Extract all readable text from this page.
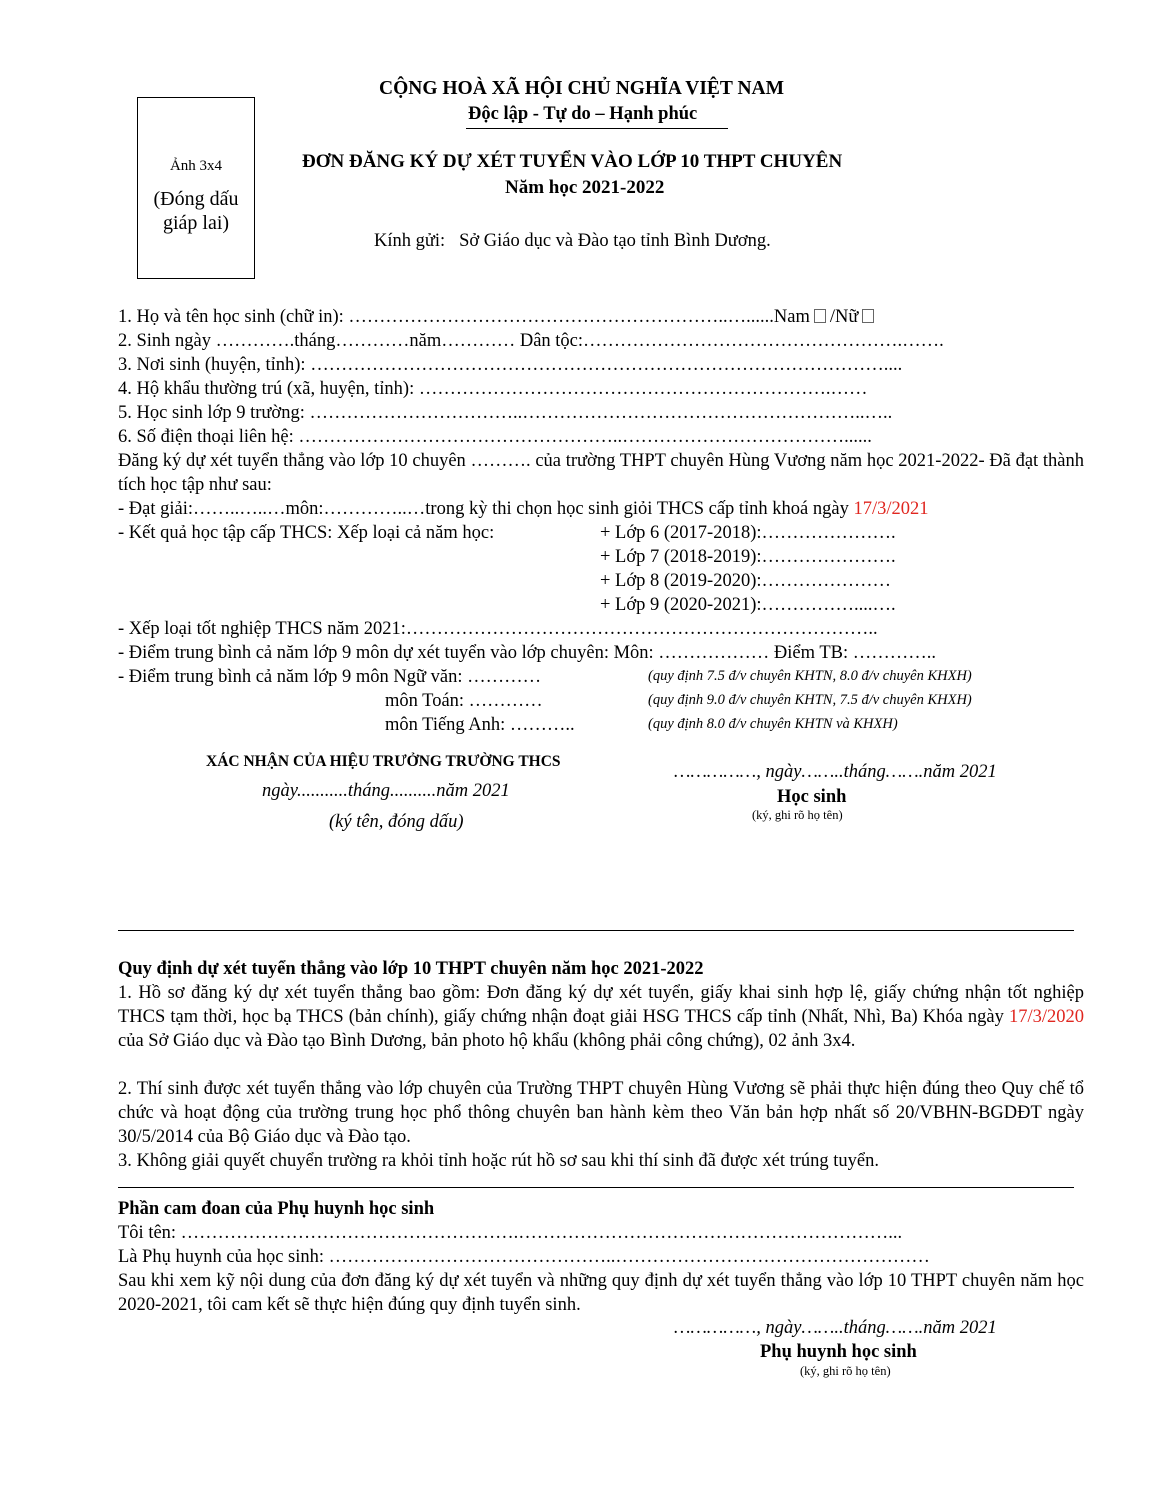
Ảnh 3x4
(Đóng dấu giáp lai)
CỘNG HOÀ XÃ HỘI CHỦ NGHĨA VIỆT NAM
Độc lập - Tự do – Hạnh phúc
ĐƠN ĐĂNG KÝ DỰ XÉT TUYỂN VÀO LỚP 10 THPT CHUYÊN
Năm học 2021-2022
Kính gửi: Sở Giáo dục và Đào tạo tỉnh Bình Dương.
1. Họ và tên học sinh (chữ in): ……………………………………………………..…......Nam /Nữ
2. Sinh ngày ………….tháng…………năm………… Dân tộc:…………………………………………….…….
3. Nơi sinh (huyện, tỉnh): …………………………………………………………………………………....
4. Hộ khẩu thường trú (xã, huyện, tỉnh): ………………………………………………………….……
5. Học sinh lớp 9 trường: ……………………………..………………………………………………..…..
6. Số điện thoại liên hệ: ……………………………………………..………………………………......
Đăng ký dự xét tuyển thẳng vào lớp 10 chuyên ………. của trường THPT chuyên Hùng Vương năm học 2021-2022- Đã đạt thành tích học tập như sau:
- Đạt giải:……..…..…môn:…………..…trong kỳ thi chọn học sinh giỏi THCS cấp tỉnh khoá ngày 17/3/2021
- Kết quả học tập cấp THCS: Xếp loại cả năm học:	+ Lớp 6 (2017-2018):………………….
+ Lớp 7 (2018-2019):………………….
+ Lớp 8 (2019-2020):…………………
+ Lớp 9 (2020-2021):……………....….
- Xếp loại tốt nghiệp THCS năm 2021:…………………………………………………………………..
- Điểm trung bình cả năm lớp 9 môn dự xét tuyển vào lớp chuyên: Môn: ……………… Điểm TB: …………..
- Điểm trung bình cả năm lớp 9 môn Ngữ văn: …………	(quy định 7.5 đ/v chuyên KHTN, 8.0 đ/v chuyên KHXH)
môn Toán: …………	(quy định 9.0 đ/v chuyên KHTN, 7.5 đ/v chuyên KHXH)
môn Tiếng Anh: ………..	(quy định 8.0 đ/v chuyên KHTN và KHXH)
XÁC NHẬN CỦA HIỆU TRƯỞNG TRƯỜNG THCS
ngày...........tháng..........năm 2021
(ký tên, đóng dấu)
……………, ngày……..tháng…….năm 2021
Học sinh
(ký, ghi rõ họ tên)
Quy định dự xét tuyển thẳng vào lớp 10 THPT chuyên năm học 2021-2022
1. Hồ sơ đăng ký dự xét tuyển thẳng bao gồm: Đơn đăng ký dự xét tuyển, giấy khai sinh hợp lệ, giấy chứng nhận tốt nghiệp THCS tạm thời, học bạ THCS (bản chính), giấy chứng nhận đoạt giải HSG THCS cấp tỉnh (Nhất, Nhì, Ba) Khóa ngày 17/3/2020 của Sở Giáo dục và Đào tạo Bình Dương, bản photo hộ khẩu (không phải công chứng), 02 ảnh 3x4.
2. Thí sinh được xét tuyển thẳng vào lớp chuyên của Trường THPT chuyên Hùng Vương sẽ phải thực hiện đúng theo Quy chế tổ chức và hoạt động của trường trung học phổ thông chuyên ban hành kèm theo Văn bản hợp nhất số 20/VBHN-BGDĐT ngày 30/5/2014 của Bộ Giáo dục và Đào tạo.
3. Không giải quyết chuyển trường ra khỏi tỉnh hoặc rút hồ sơ sau khi thí sinh đã được xét trúng tuyển.
Phần cam đoan của Phụ huynh học sinh
Tôi tên: ……………………………………………….……………………………………………………...
Là Phụ huynh của học sinh: ………………………………………..……………………………………………
Sau khi xem kỹ nội dung của đơn đăng ký dự xét tuyển và những quy định dự xét tuyển thẳng vào lớp 10 THPT chuyên năm học 2020-2021, tôi cam kết sẽ thực hiện đúng quy định tuyển sinh.
……………, ngày……..tháng…….năm 2021
Phụ huynh học sinh
(ký, ghi rõ họ tên)
